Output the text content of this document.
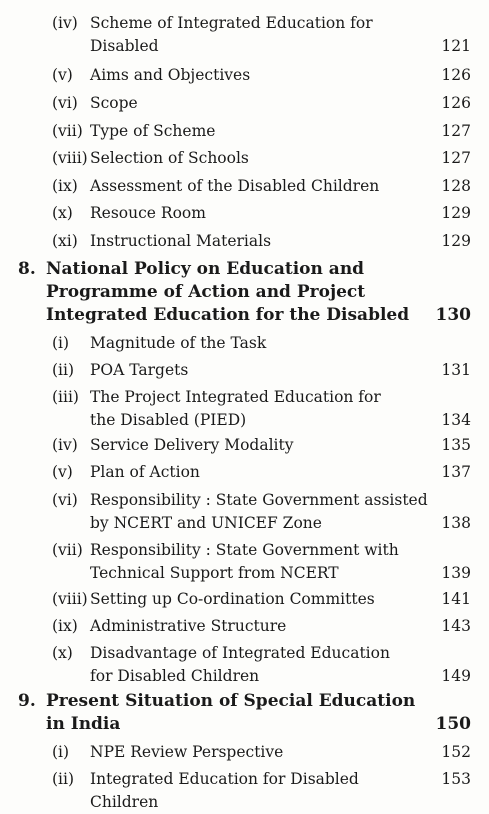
(iv) Scheme of Integrated Education for
Disabled	121
(v) Aims and Objectives	126
(vi) Scope	126
(vii) Type of Scheme	127
(viii) Selection of Schools	127
(ix) Assessment of the Disabled Children	128
(x) Resouce Room	129
(xi) Instructional Materials	129
8. National Policy on Education and
Programme of Action and Project
Integrated Education for the Disabled	130
(i) Magnitude of the Task
(ii) POA Targets	131
(iii) The Project Integrated Education for
the Disabled (PIED)	134
(iv) Service Delivery Modality	135
(v) Plan of Action	137
(vi) Responsibility : State Government assisted
by NCERT and UNICEF Zone	138
(vii) Responsibility : State Government with
Technical Support from NCERT	139
(viii) Setting up Co-ordination Committes	141
(ix) Administrative Structure	143
(x) Disadvantage of Integrated Education
for Disabled Children	149
9. Present Situation of Special Education
in India	150
(i) NPE Review Perspective	152
(ii) Integrated Education for Disabled Children
153
